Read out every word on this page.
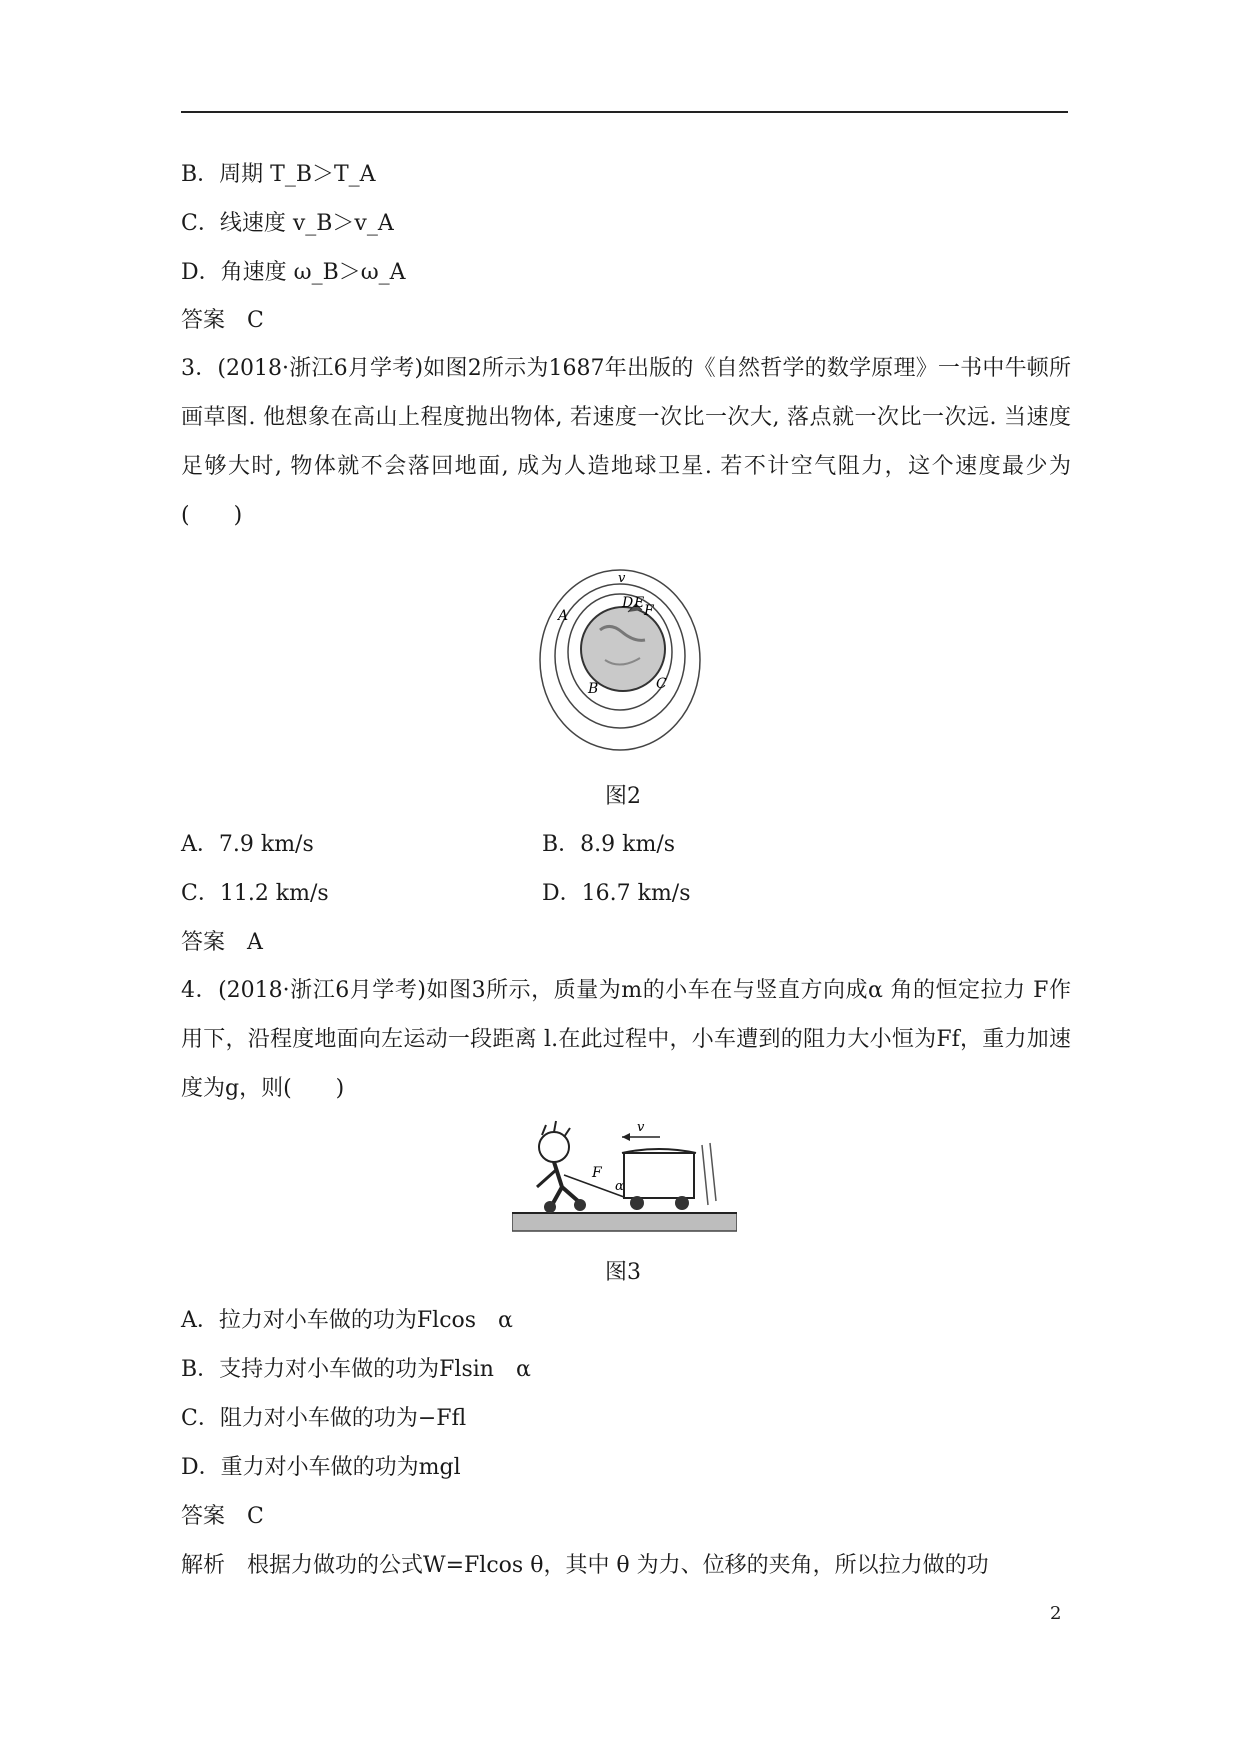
B．周期 T_B＞T_A
C．线速度 v_B＞v_A
D．角速度 ω_B＞ω_A
答案　C
3．(2018·浙江6月学考)如图2所示为1687年出版的《自然哲学的数学原理》一书中牛顿所画草图. 他想象在高山上程度抛出物体, 若速度一次比一次大, 落点就一次比一次远. 当速度足够大时, 物体就不会落回地面, 成为人造地球卫星. 若不计空气阻力，这个速度最少为(　　)
v
A
D E F
B	C
图2
A．7.9 km/s	B．8.9 km/s
C．11.2 km/s	D．16.7 km/s
答案　A
4．(2018·浙江6月学考)如图3所示，质量为m的小车在与竖直方向成α 角的恒定拉力 F作用下，沿程度地面向左运动一段距离 l.在此过程中，小车遭到的阻力大小恒为Ff，重力加速度为g，则(　　)
v
F
α
图3
A．拉力对小车做的功为Flcos　α
B．支持力对小车做的功为Flsin　α
C．阻力对小车做的功为−Ffl
D．重力对小车做的功为mgl
答案　C
解析　根据力做功的公式W=Flcos θ，其中 θ 为力、位移的夹角，所以拉力做的功
2
